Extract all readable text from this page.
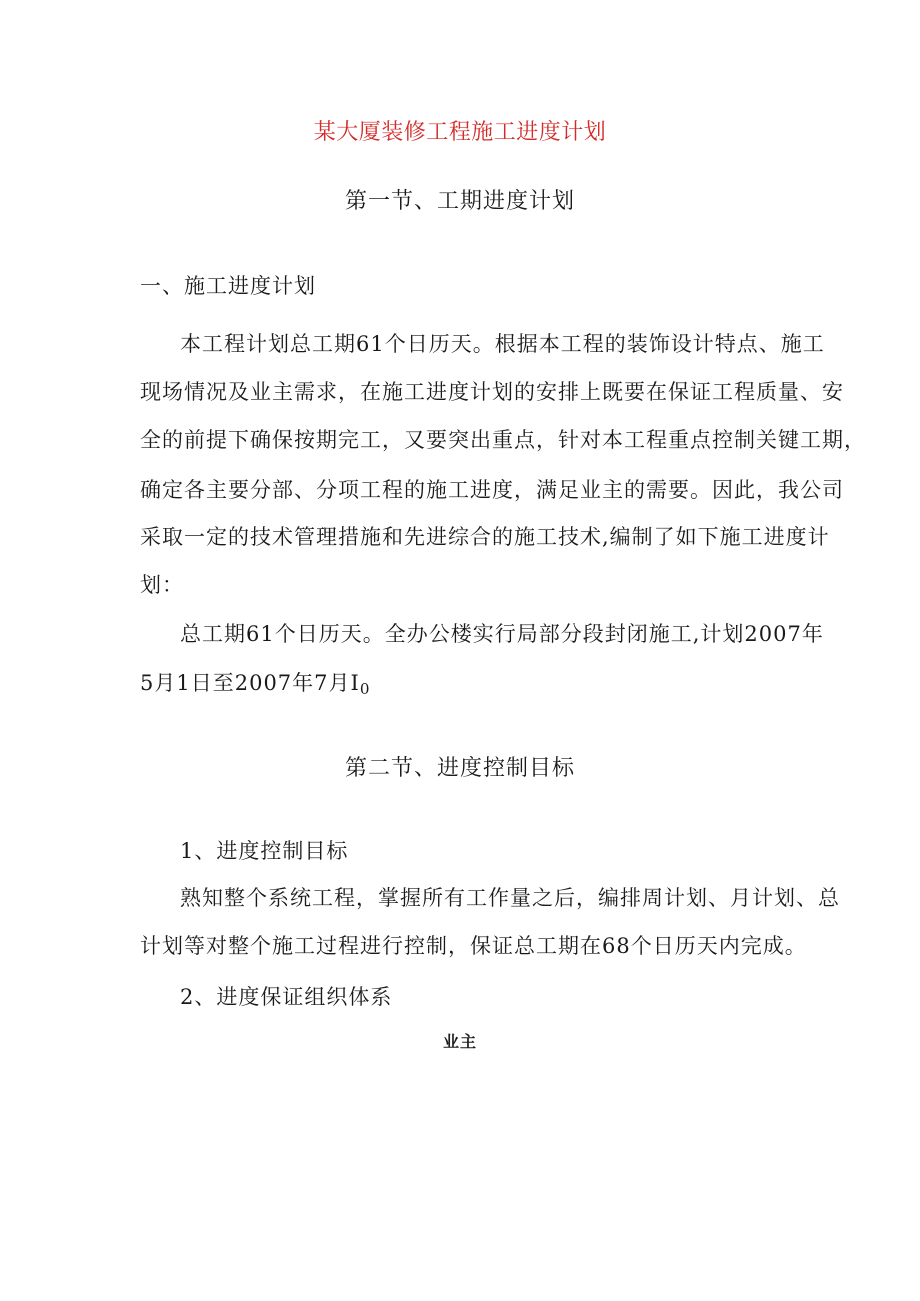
某大厦装修工程施工进度计划
第一节、工期进度计划
一、施工进度计划
本工程计划总工期61个日历天。根据本工程的装饰设计特点、施工
现场情况及业主需求，在施工进度计划的安排上既要在保证工程质量、安
全的前提下确保按期完工，又要突出重点，针对本工程重点控制关键工期，
确定各主要分部、分项工程的施工进度，满足业主的需要。因此，我公司
采取一定的技术管理措施和先进综合的施工技术,编制了如下施工进度计
划：
总工期61个日历天。全办公楼实行局部分段封闭施工,计划2007年
5月1日至2007年7月$I_0$
第二节、进度控制目标
1、进度控制目标
熟知整个系统工程，掌握所有工作量之后，编排周计划、月计划、总
计划等对整个施工过程进行控制，保证总工期在68个日历天内完成。
2、进度保证组织体系
业主
